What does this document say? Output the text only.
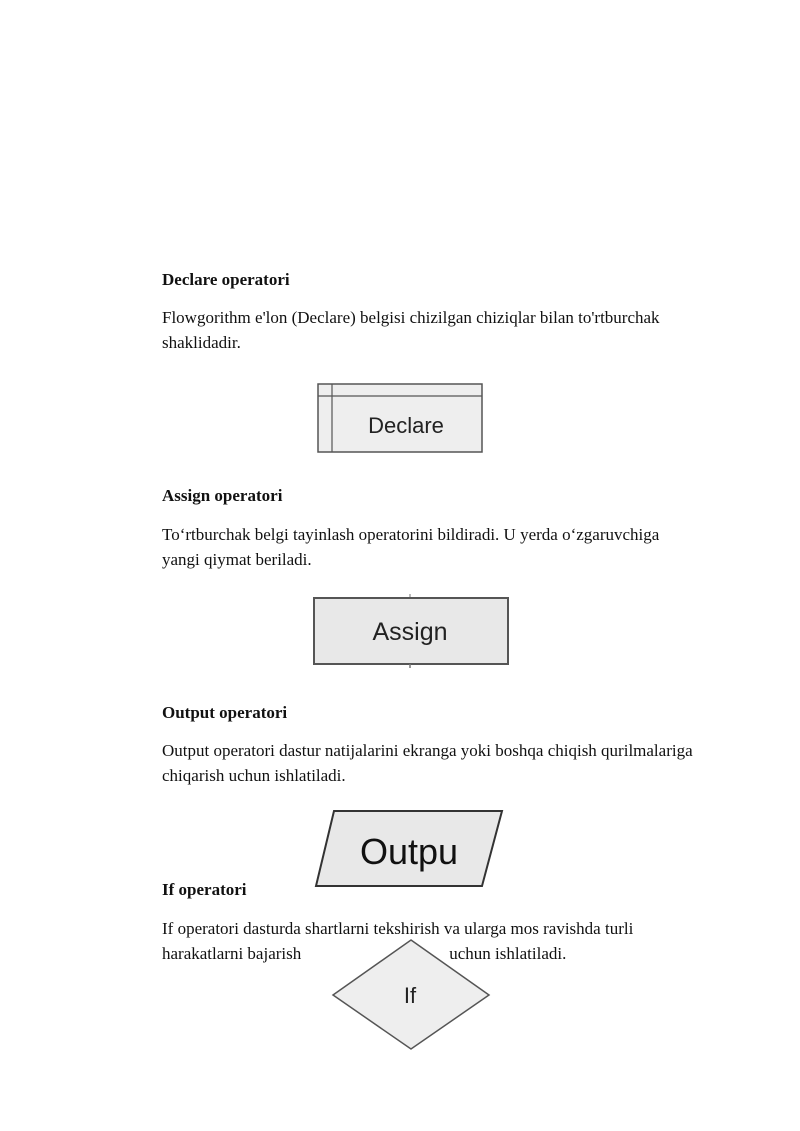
Declare operatori
Flowgorithm e'lon (Declare) belgisi chizilgan chiziqlar bilan to'rtburchak
shaklidadir.
Declare
Assign operatori
To‘rtburchak belgi tayinlash operatorini bildiradi. U yerda o‘zgaruvchiga
yangi qiymat beriladi.
Assign
Output operatori
Output operatori dastur natijalarini ekranga yoki boshqa chiqish qurilmalariga
chiqarish uchun ishlatiladi.
Outpu
If operatori
If operatori dasturda shartlarni tekshirish va ularga mos ravishda turli
harakatlarni bajarish	uchun ishlatiladi.
If
